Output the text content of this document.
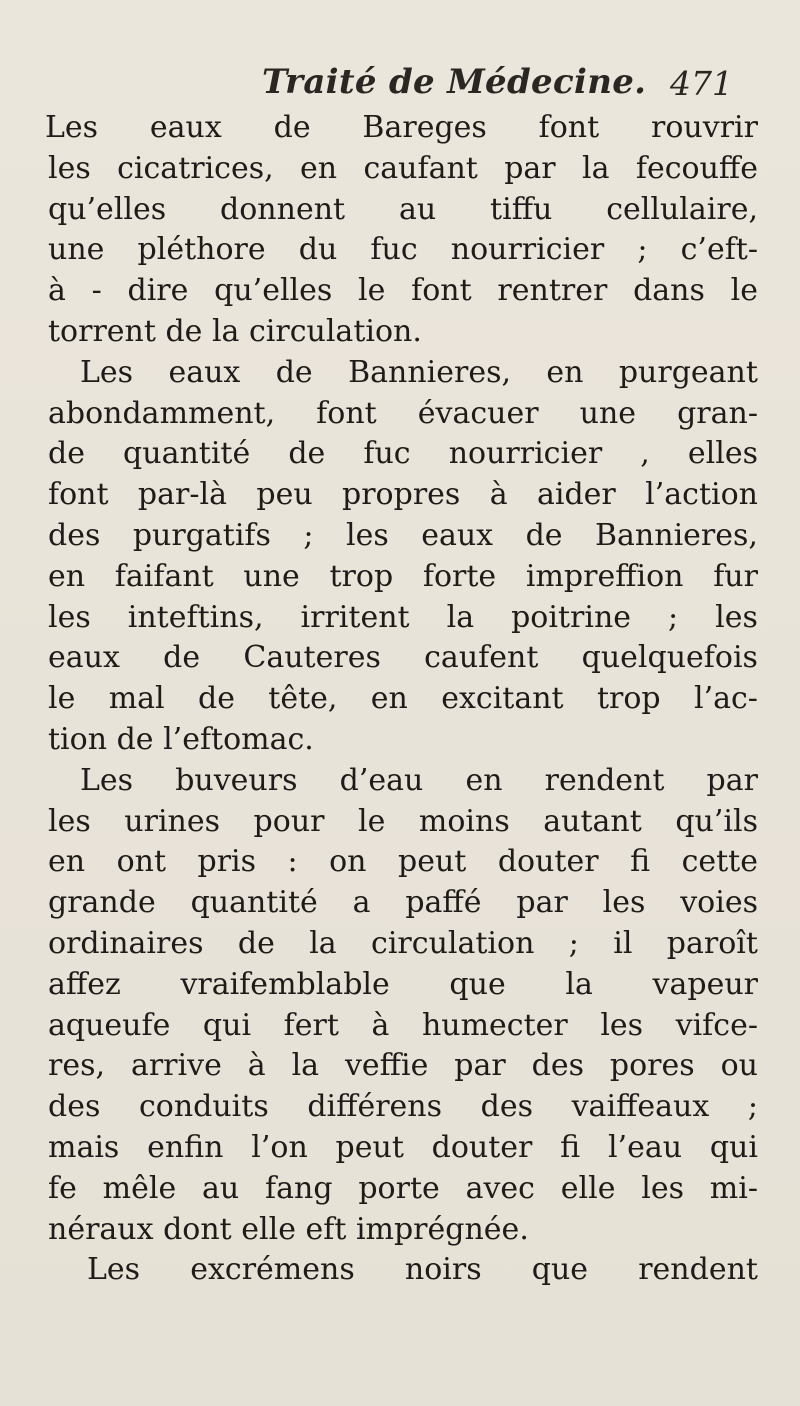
Traité de Médecine. 471
Les eaux de Bareges font rouvrir
les cicatrices, en caufant par la fecouffe
qu’elles donnent au tiffu cellulaire,
une pléthore du fuc nourricier ; c’eft-
à - dire qu’elles le font rentrer dans le
torrent de la circulation.
Les eaux de Bannieres, en purgeant
abondamment, font évacuer une gran-
de quantité de fuc nourricier , elles
font par-là peu propres à aider l’action
des purgatifs ; les eaux de Bannieres,
en faifant une trop forte impreffion fur
les inteftins, irritent la poitrine ; les
eaux de Cauteres caufent quelquefois
le mal de tête, en excitant trop l’ac-
tion de l’eftomac.
Les buveurs d’eau en rendent par
les urines pour le moins autant qu’ils
en ont pris : on peut douter fi cette
grande quantité a paffé par les voies
ordinaires de la circulation ; il paroît
affez vraifemblable que la vapeur
aqueufe qui fert à humecter les vifce-
res, arrive à la veffie par des pores ou
des conduits différens des vaiffeaux ;
mais enfin l’on peut douter fi l’eau qui
fe mêle au fang porte avec elle les mi-
néraux dont elle eft imprégnée.
Les excrémens noirs que rendent
